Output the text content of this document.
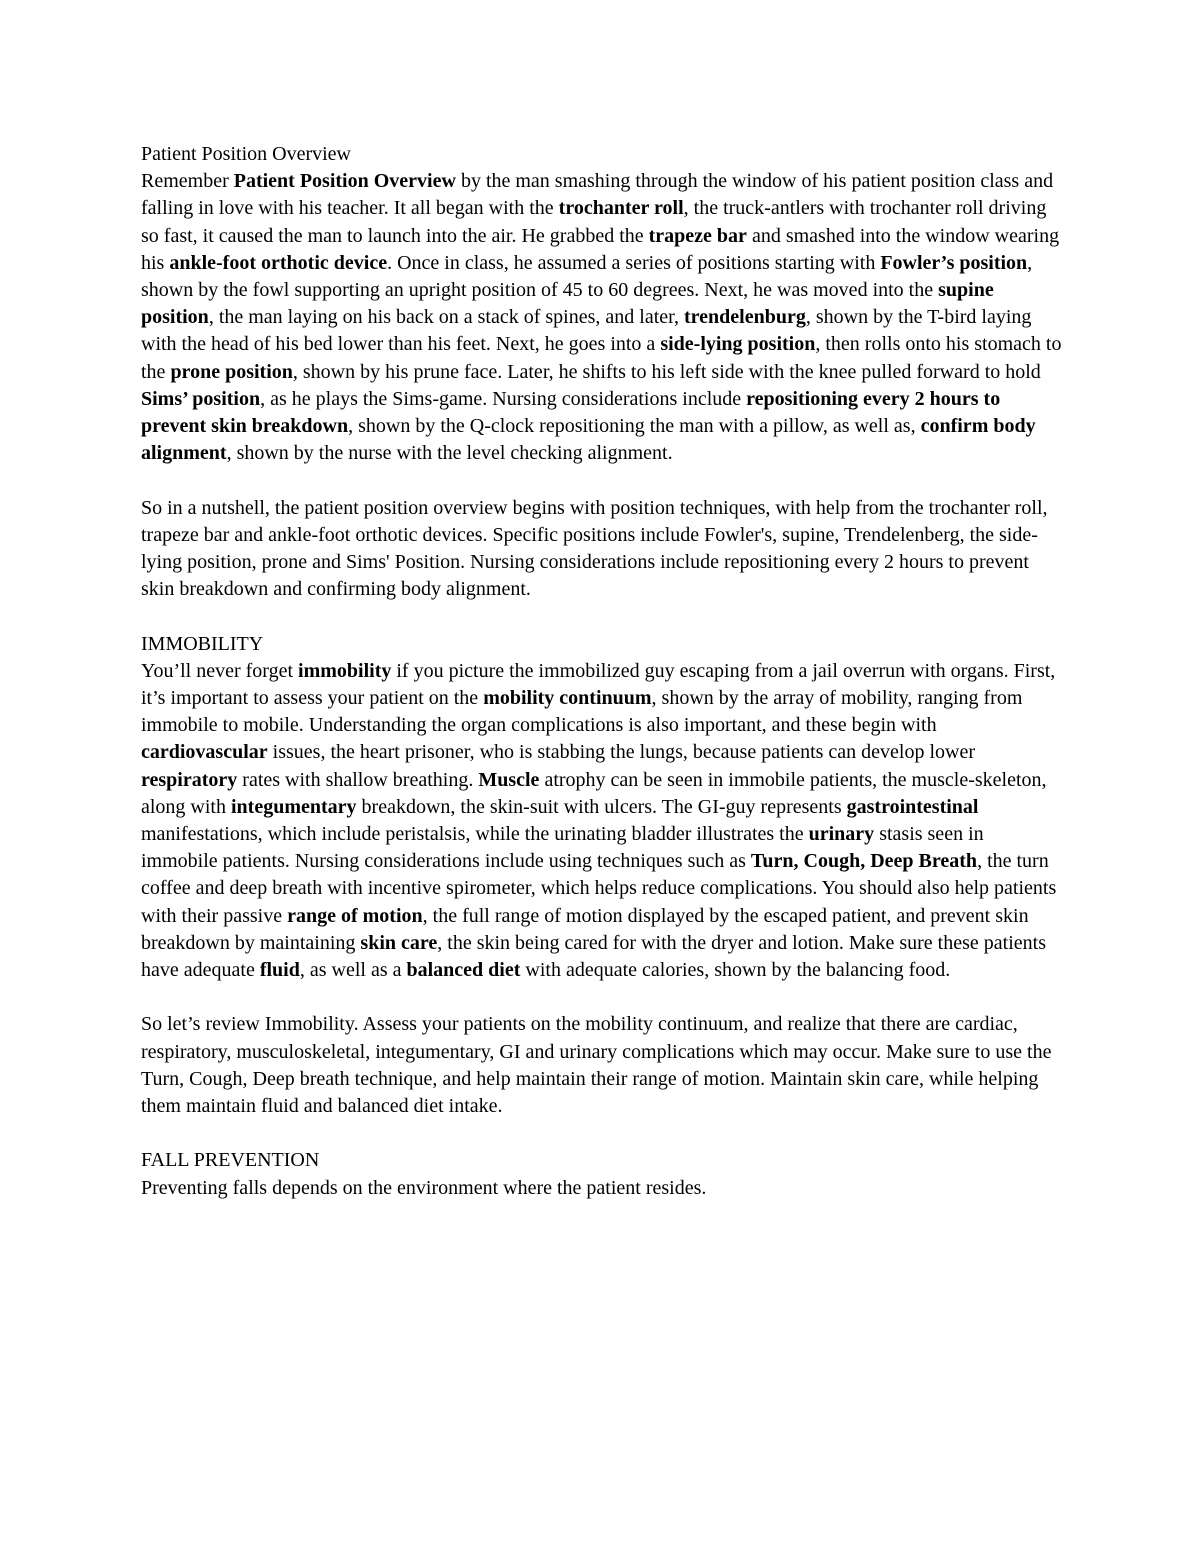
Patient Position Overview
Remember Patient Position Overview by the man smashing through the window of his patient position class and falling in love with his teacher. It all began with the trochanter roll, the truck-antlers with trochanter roll driving so fast, it caused the man to launch into the air. He grabbed the trapeze bar and smashed into the window wearing his ankle-foot orthotic device. Once in class, he assumed a series of positions starting with Fowler’s position, shown by the fowl supporting an upright position of 45 to 60 degrees. Next, he was moved into the supine position, the man laying on his back on a stack of spines, and later, trendelenburg, shown by the T-bird laying with the head of his bed lower than his feet. Next, he goes into a side-lying position, then rolls onto his stomach to the prone position, shown by his prune face. Later, he shifts to his left side with the knee pulled forward to hold Sims’ position, as he plays the Sims-game. Nursing considerations include repositioning every 2 hours to prevent skin breakdown, shown by the Q-clock repositioning the man with a pillow, as well as, confirm body alignment, shown by the nurse with the level checking alignment.
So in a nutshell, the patient position overview begins with position techniques, with help from the trochanter roll, trapeze bar and ankle-foot orthotic devices. Specific positions include Fowler's, supine, Trendelenberg, the side-lying position, prone and Sims' Position. Nursing considerations include repositioning every 2 hours to prevent skin breakdown and confirming body alignment.
IMMOBILITY
You’ll never forget immobility if you picture the immobilized guy escaping from a jail overrun with organs. First, it’s important to assess your patient on the mobility continuum, shown by the array of mobility, ranging from immobile to mobile. Understanding the organ complications is also important, and these begin with cardiovascular issues, the heart prisoner, who is stabbing the lungs, because patients can develop lower respiratory rates with shallow breathing. Muscle atrophy can be seen in immobile patients, the muscle-skeleton, along with integumentary breakdown, the skin-suit with ulcers. The GI-guy represents gastrointestinal manifestations, which include peristalsis, while the urinating bladder illustrates the urinary stasis seen in immobile patients. Nursing considerations include using techniques such as Turn, Cough, Deep Breath, the turn coffee and deep breath with incentive spirometer, which helps reduce complications. You should also help patients with their passive range of motion, the full range of motion displayed by the escaped patient, and prevent skin breakdown by maintaining skin care, the skin being cared for with the dryer and lotion. Make sure these patients have adequate fluid, as well as a balanced diet with adequate calories, shown by the balancing food.
So let’s review Immobility. Assess your patients on the mobility continuum, and realize that there are cardiac, respiratory, musculoskeletal, integumentary, GI and urinary complications which may occur. Make sure to use the Turn, Cough, Deep breath technique, and help maintain their range of motion. Maintain skin care, while helping them maintain fluid and balanced diet intake.
FALL PREVENTION
Preventing falls depends on the environment where the patient resides.
